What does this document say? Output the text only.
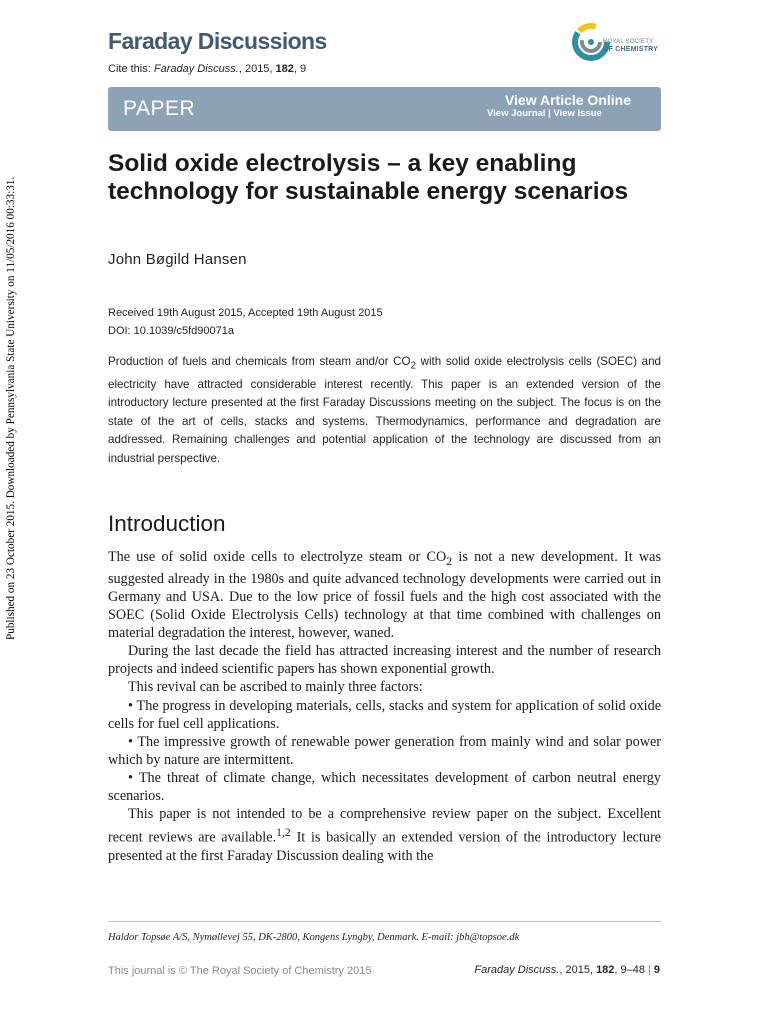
Published on 23 October 2015. Downloaded by Pennsylvania State University on 11/05/2016 00:33:31.
Faraday Discussions
Cite this: Faraday Discuss., 2015, 182, 9
ROYAL SOCIETY
OF CHEMISTRY
PAPER	View Article Online
View Journal | View Issue
Solid oxide electrolysis – a key enabling technology for sustainable energy scenarios
John Bøgild Hansen
Received 19th August 2015, Accepted 19th August 2015
DOI: 10.1039/c5fd90071a
Production of fuels and chemicals from steam and/or $CO_2$ with solid oxide electrolysis cells (SOEC) and electricity have attracted considerable interest recently. This paper is an extended version of the introductory lecture presented at the first Faraday Discussions meeting on the subject. The focus is on the state of the art of cells, stacks and systems. Thermodynamics, performance and degradation are addressed. Remaining challenges and potential application of the technology are discussed from an industrial perspective.
Introduction

The use of solid oxide cells to electrolyze steam or $CO_2$ is not a new development. It was suggested already in the 1980s and quite advanced technology developments were carried out in Germany and USA. Due to the low price of fossil fuels and the high cost associated with the SOEC (Solid Oxide Electrolysis Cells) technology at that time combined with challenges on material degradation the interest, however, waned.

During the last decade the field has attracted increasing interest and the number of research projects and indeed scientific papers has shown exponential growth.

This revival can be ascribed to mainly three factors:

• The progress in developing materials, cells, stacks and system for application of solid oxide cells for fuel cell applications.

• The impressive growth of renewable power generation from mainly wind and solar power which by nature are intermittent.

• The threat of climate change, which necessitates development of carbon neutral energy scenarios.

This paper is not intended to be a comprehensive review paper on the subject. Excellent recent reviews are available.$^{1,2}$ It is basically an extended version of the introductory lecture presented at the first Faraday Discussion dealing with the

Haldor Topsøe A/S, Nymøllevej 55, DK-2800, Kongens Lyngby, Denmark. E-mail: jbh@topsoe.dk
This journal is © The Royal Society of Chemistry 2015	Faraday Discuss., 2015, 182, 9–48 | 9
